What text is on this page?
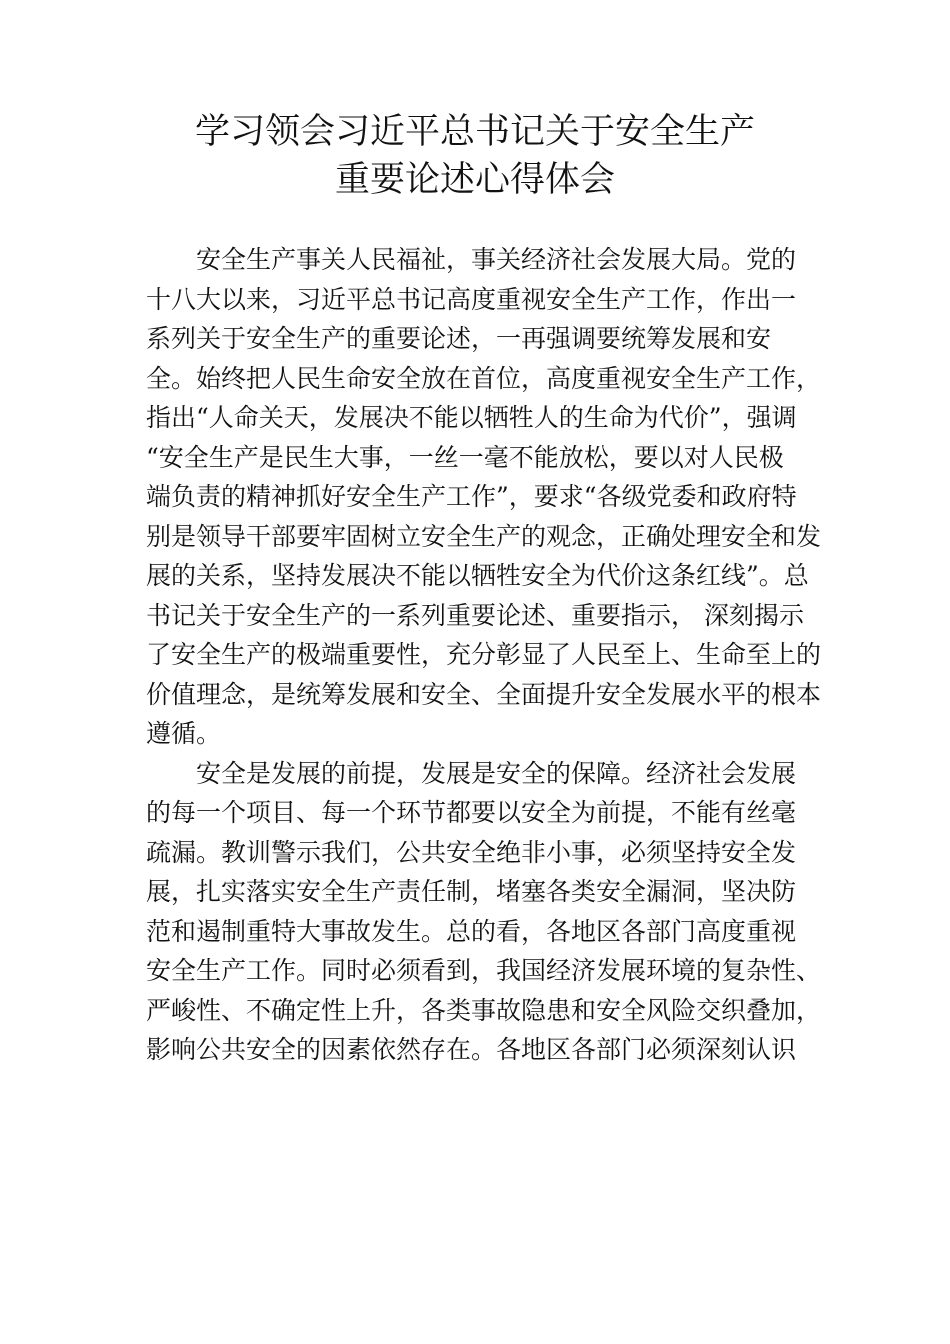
学习领会习近平总书记关于安全生产
重要论述心得体会
安全生产事关人民福祉，事关经济社会发展大局。党的
十八大以来，习近平总书记高度重视安全生产工作，作出一
系列关于安全生产的重要论述，一再强调要统筹发展和安
全。始终把人民生命安全放在首位，高度重视安全生产工作，
指出“人命关天，发展决不能以牺牲人的生命为代价”，强调
“安全生产是民生大事，一丝一毫不能放松，要以对人民极
端负责的精神抓好安全生产工作”，要求“各级党委和政府特
别是领导干部要牢固树立安全生产的观念，正确处理安全和发
展的关系，坚持发展决不能以牺牲安全为代价这条红线”。总
书记关于安全生产的一系列重要论述、重要指示， 深刻揭示
了安全生产的极端重要性，充分彰显了人民至上、生命至上的
价值理念，是统筹发展和安全、全面提升安全发展水平的根本
遵循。
安全是发展的前提，发展是安全的保障。经济社会发展
的每一个项目、每一个环节都要以安全为前提，不能有丝毫
疏漏。教训警示我们，公共安全绝非小事，必须坚持安全发
展，扎实落实安全生产责任制，堵塞各类安全漏洞，坚决防
范和遏制重特大事故发生。总的看，各地区各部门高度重视
安全生产工作。同时必须看到，我国经济发展环境的复杂性、
严峻性、不确定性上升，各类事故隐患和安全风险交织叠加，
影响公共安全的因素依然存在。各地区各部门必须深刻认识
